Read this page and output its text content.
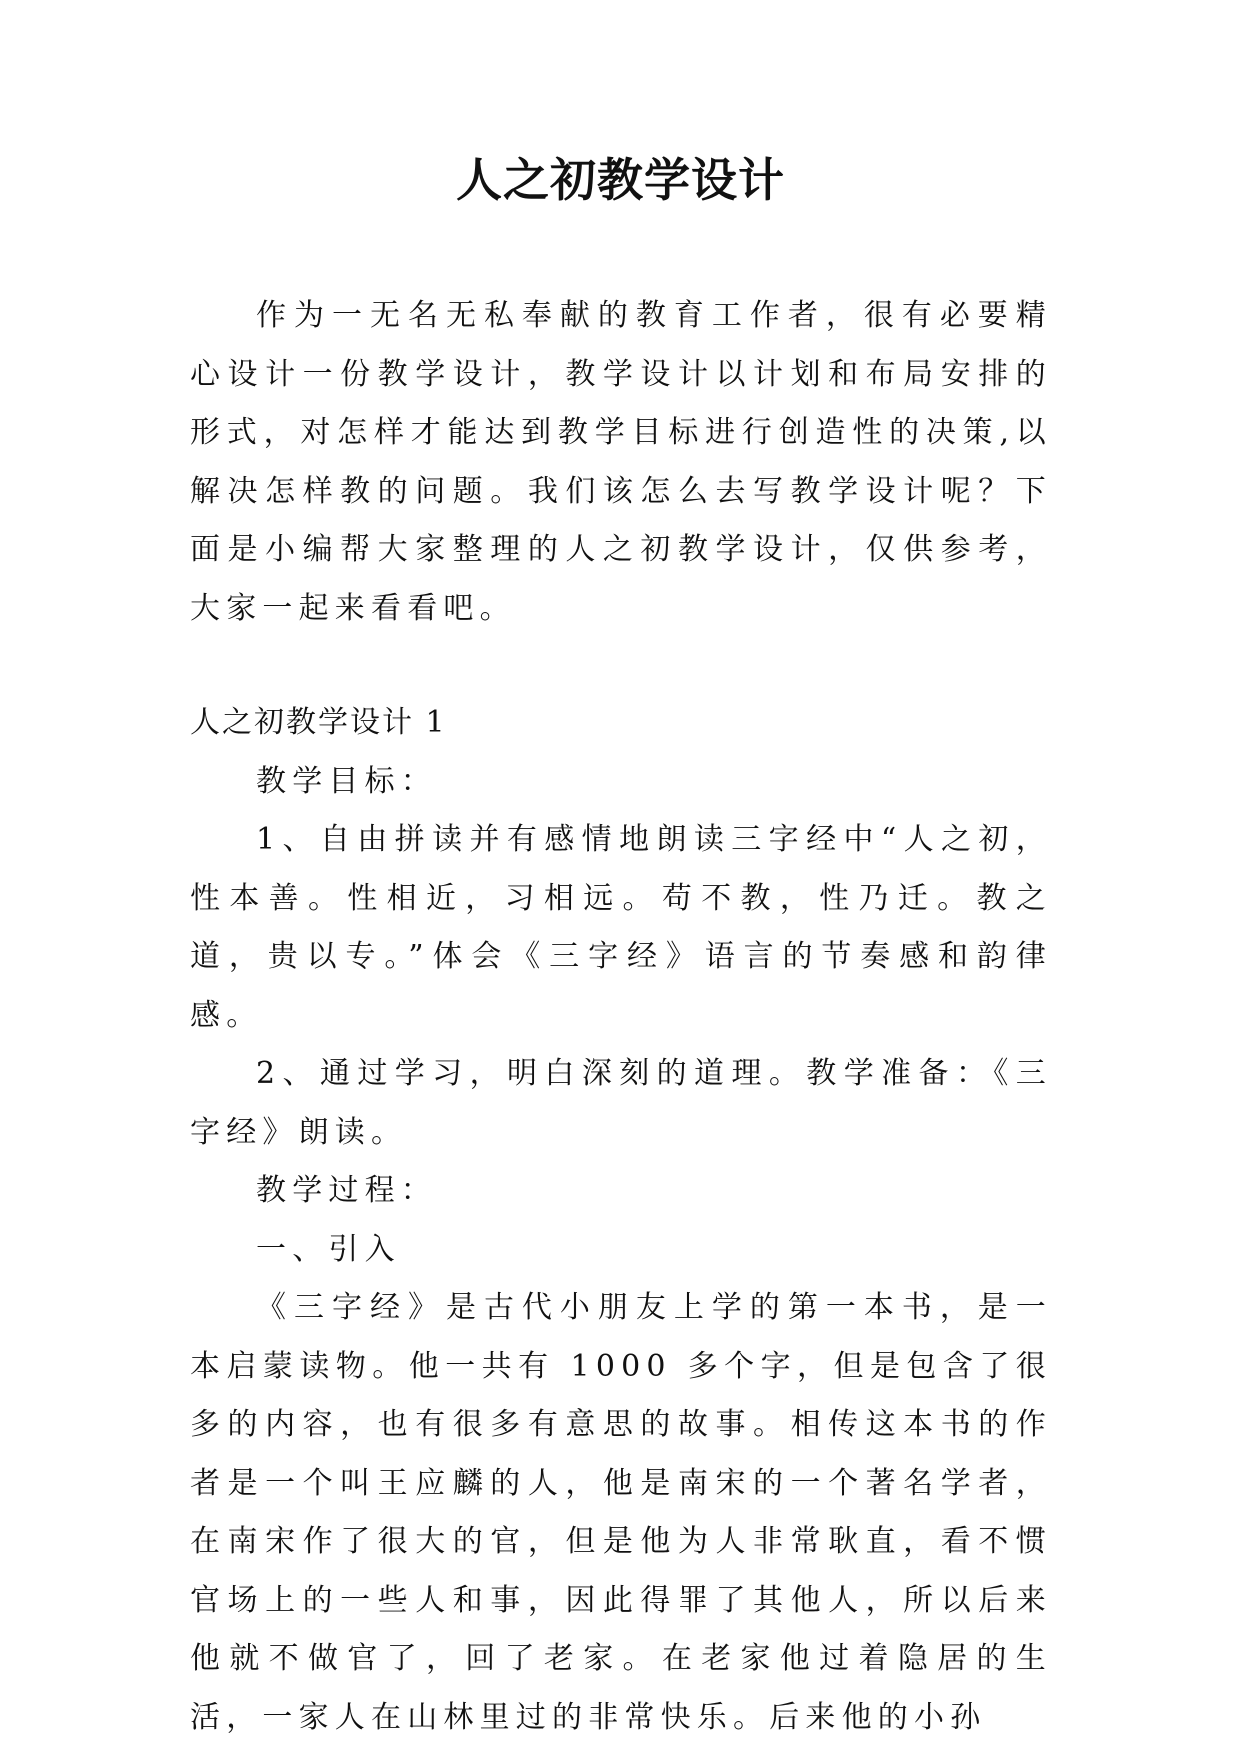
人之初教学设计

作为一无名无私奉献的教育工作者，很有必要精心设计一份教学设计，教学设计以计划和布局安排的形式，对怎样才能达到教学目标进行创造性的决策,以解决怎样教的问题。我们该怎么去写教学设计呢？下面是小编帮大家整理的人之初教学设计，仅供参考，大家一起来看看吧。

人之初教学设计 1

教学目标：

1、自由拼读并有感情地朗读三字经中“人之初，性本善。性相近，习相远。苟不教，性乃迁。教之道，贵以专。”体会《三字经》语言的节奏感和韵律感。

2、通过学习，明白深刻的道理。教学准备：《三字经》朗读。

教学过程：

一、引入

《三字经》是古代小朋友上学的第一本书，是一本启蒙读物。他一共有 1000 多个字，但是包含了很多的内容，也有很多有意思的故事。相传这本书的作者是一个叫王应麟的人，他是南宋的一个著名学者，在南宋作了很大的官，但是他为人非常耿直，看不惯官场上的一些人和事，因此得罪了其他人，所以后来他就不做官了，回了老家。在老家他过着隐居的生活，一家人在山林里过的非常快乐。后来他的小孙
